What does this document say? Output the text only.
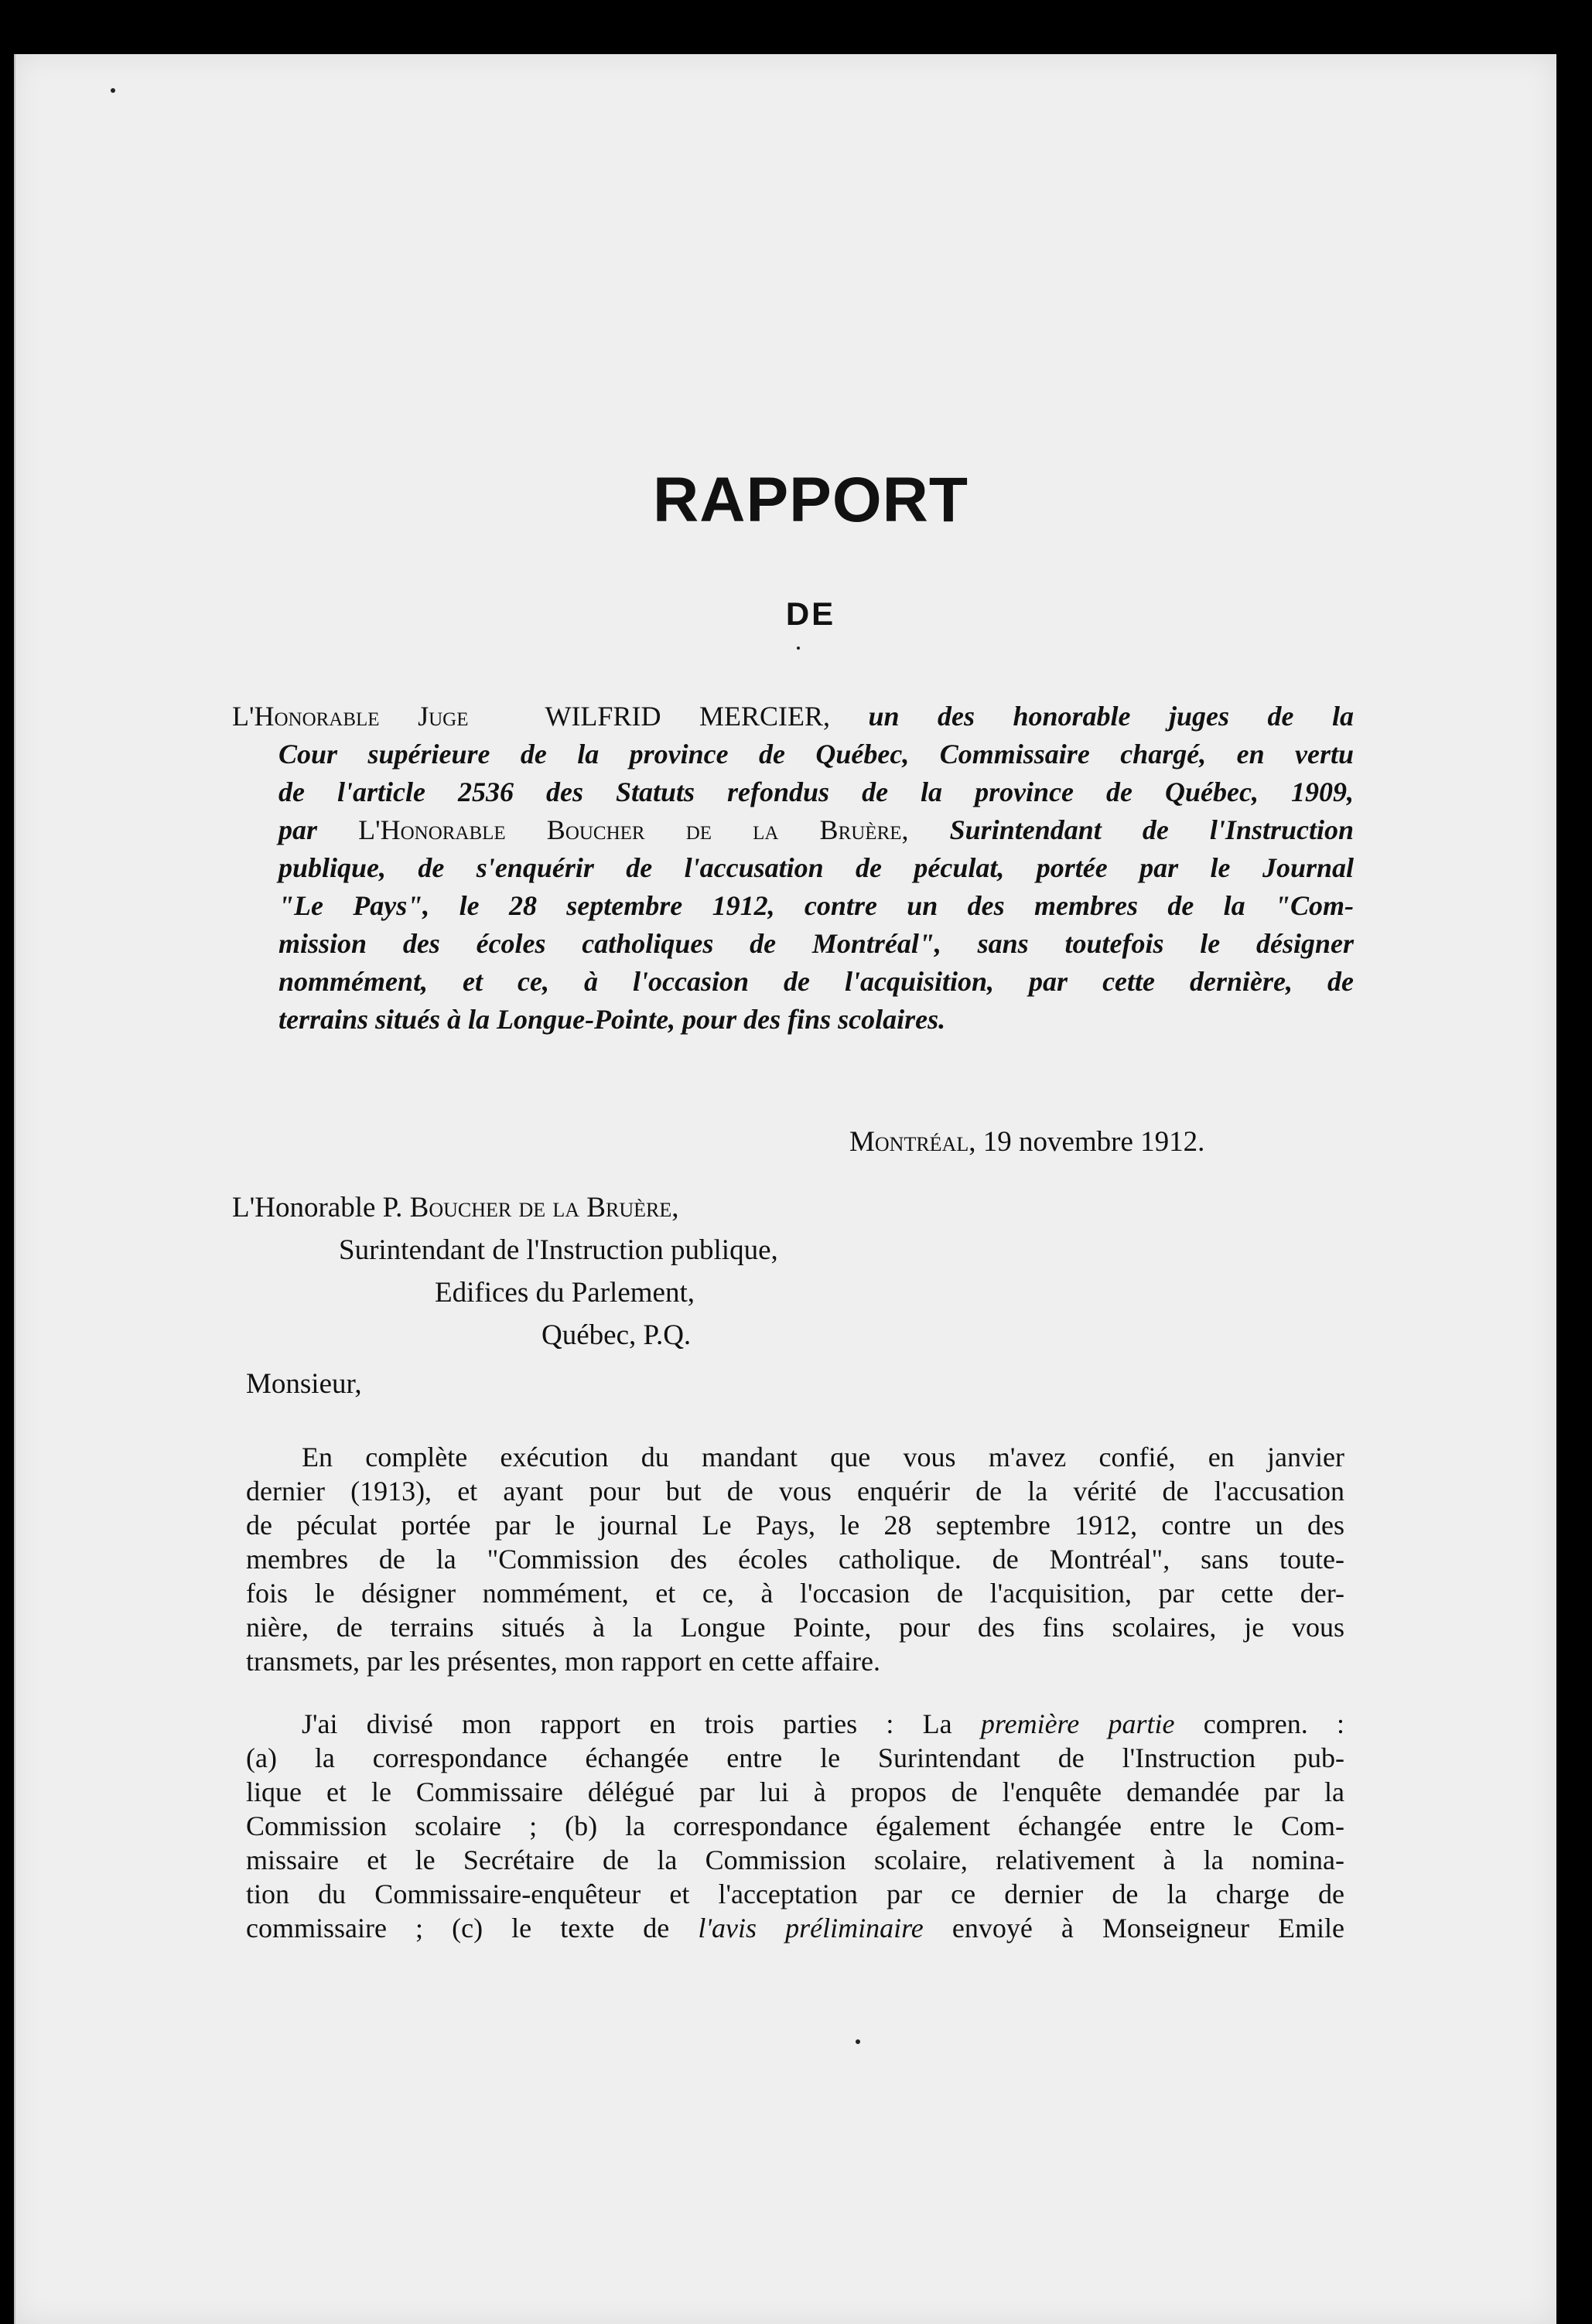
RAPPORT
DE
L'Honorable Juge	WILFRID MERCIER, un des honorable juges de la
Cour supérieure de la province de Québec, Commissaire chargé, en vertu
de l'article 2536 des Statuts refondus de la province de Québec, 1909,
par L'Honorable Boucher de la Bruère, Surintendant de l'Instruction
publique, de s'enquérir de l'accusation de péculat, portée par le Journal
"Le Pays", le 28 septembre 1912, contre un des membres de la "Com-
mission des écoles catholiques de Montréal", sans toutefois le désigner
nommément, et ce, à l'occasion de l'acquisition, par cette dernière, de
terrains situés à la Longue-Pointe, pour des fins scolaires.
Montréal, 19 novembre 1912.
L'Honorable P. Boucher de la Bruère,
Surintendant de l'Instruction publique,
Edifices du Parlement,
Québec, P.Q.
Monsieur,
En complète exécution du mandant que vous m'avez confié, en janvier
dernier (1913), et ayant pour but de vous enquérir de la vérité de l'accusation
de péculat portée par le journal Le Pays, le 28 septembre 1912, contre un des
membres de la "Commission des écoles catholique. de Montréal", sans toute-
fois le désigner nommément, et ce, à l'occasion de l'acquisition, par cette der-
nière, de terrains situés à la Longue Pointe, pour des fins scolaires, je vous
transmets, par les présentes, mon rapport en cette affaire.
J'ai divisé mon rapport en trois parties : La première partie compren. :
(a) la correspondance échangée entre le Surintendant de l'Instruction pub-
lique et le Commissaire délégué par lui à propos de l'enquête demandée par la
Commission scolaire ; (b) la correspondance également échangée entre le Com-
missaire et le Secrétaire de la Commission scolaire, relativement à la nomina-
tion du Commissaire-enquêteur et l'acceptation par ce dernier de la charge de
commissaire ; (c) le texte de l'avis préliminaire envoyé à Monseigneur Emile
